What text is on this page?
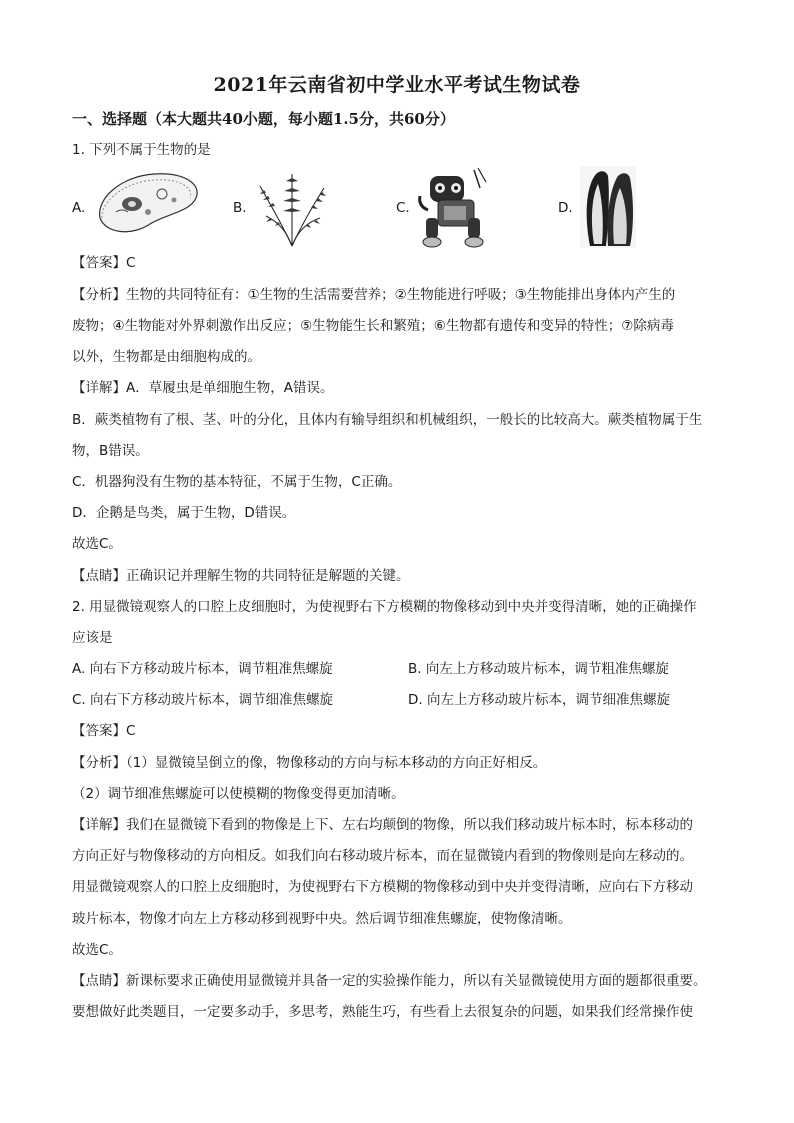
2021年云南省初中学业水平考试生物试卷
一、选择题（本大题共40小题，每小题1.5分，共60分）
1. 下列不属于生物的是
A.	B.	C.	D.
【答案】C
【分析】生物的共同特征有：①生物的生活需要营养；②生物能进行呼吸；③生物能排出身体内产生的
废物；④生物能对外界刺激作出反应；⑤生物能生长和繁殖；⑥生物都有遗传和变异的特性；⑦除病毒
以外，生物都是由细胞构成的。
【详解】A．草履虫是单细胞生物，A错误。
B．蕨类植物有了根、茎、叶的分化，且体内有输导组织和机械组织，一般长的比较高大。蕨类植物属于生
物，B错误。
C．机器狗没有生物的基本特征，不属于生物，C正确。
D．企鹅是鸟类，属于生物，D错误。
故选C。
【点睛】正确识记并理解生物的共同特征是解题的关键。
2. 用显微镜观察人的口腔上皮细胞时，为使视野右下方模糊的物像移动到中央并变得清晰，她的正确操作
应该是
A. 向右下方移动玻片标本，调节粗准焦螺旋	B. 向左上方移动玻片标本，调节粗准焦螺旋
C. 向右下方移动玻片标本，调节细准焦螺旋	D. 向左上方移动玻片标本，调节细准焦螺旋
【答案】C
【分析】（1）显微镜呈倒立的像，物像移动的方向与标本移动的方向正好相反。
（2）调节细准焦螺旋可以使模糊的物像变得更加清晰。
【详解】我们在显微镜下看到的物像是上下、左右均颠倒的物像，所以我们移动玻片标本时，标本移动的
方向正好与物像移动的方向相反。如我们向右移动玻片标本，而在显微镜内看到的物像则是向左移动的。
用显微镜观察人的口腔上皮细胞时，为使视野右下方模糊的物像移动到中央并变得清晰，应向右下方移动
玻片标本，物像才向左上方移动移到视野中央。然后调节细准焦螺旋，使物像清晰。
故选C。
【点睛】新课标要求正确使用显微镜并具备一定的实验操作能力，所以有关显微镜使用方面的题都很重要。
要想做好此类题目，一定要多动手，多思考，熟能生巧，有些看上去很复杂的问题，如果我们经常操作使
